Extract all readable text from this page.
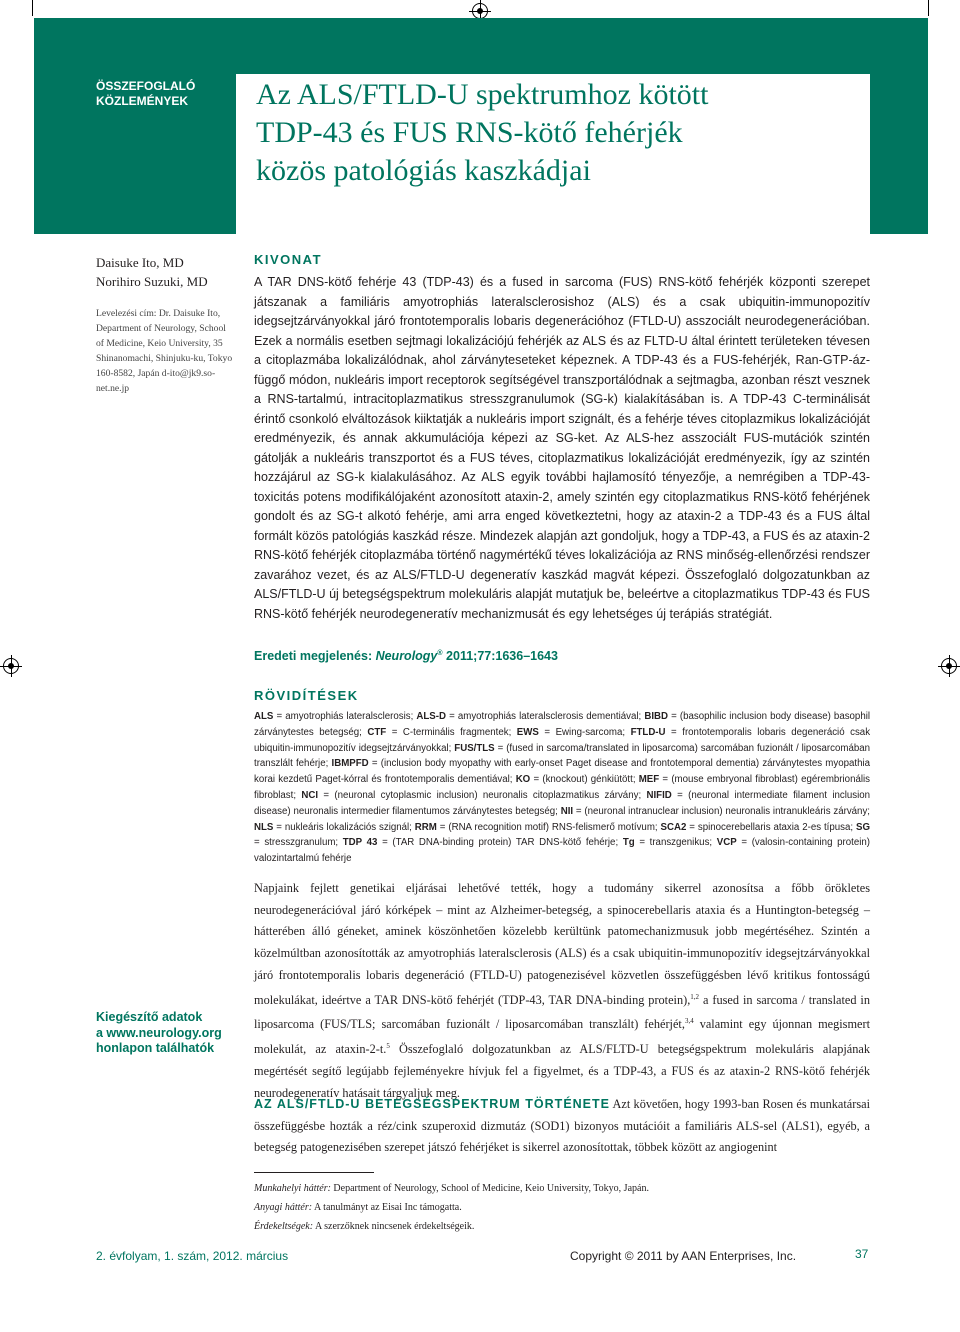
ÖSSZEFOGLALÓ
KÖZLEMÉNYEK	Az ALS/FTLD-U spektrumhoz kötött
TDP-43 és FUS RNS-kötő fehérjék
közös patológiás kaszkádjai
Daisuke Ito, MD
Norihiro Suzuki, MD
Levelezési cím: Dr. Daisuke Ito, Department of Neurology, School of Medicine, Keio University, 35 Shinanomachi, Shinjuku-ku, Tokyo 160-8582, Japán d-ito@jk9.so-net.ne.jp
KIVONAT
A TAR DNS-kötő fehérje 43 (TDP-43) és a fused in sarcoma (FUS) RNS-kötő fehérjék központi szerepet játszanak a familiáris amyotrophiás lateralsclerosishoz (ALS) és a csak ubiquitin-immunopozitív idegsejtzárványokkal járó frontotemporalis lobaris degenerációhoz (FTLD-U) asszociált neurodegenerációban. Ezek a normális esetben sejtmagi lokalizációjú fehérjék az ALS és az FLTD-U által érintett területeken tévesen a citoplazmába lokalizálódnak, ahol zárványteseteket képeznek. A TDP-43 és a FUS-fehérjék, Ran-GTP-áz-függő módon, nukleáris import receptorok segítségével transzportálódnak a sejtmagba, azonban részt vesznek a RNS-tartalmú, intracitoplazmatikus stresszgranulumok (SG-k) kialakításában is. A TDP-43 C-terminálisát érintő csonkoló elváltozások kiiktatják a nukleáris import szignált, és a fehérje téves citoplazmikus lokalizációját eredményezik, és annak akkumulációja képezi az SG-ket. Az ALS-hez asszociált FUS-mutációk szintén gátolják a nukleáris transzportot és a FUS téves, citoplazmatikus lokalizációját eredményezik, így az szintén hozzájárul az SG-k kialakulásához. Az ALS egyik további hajlamosító tényezője, a nemrégiben a TDP-43-toxicitás potens modifikálójaként azonosított ataxin-2, amely szintén egy citoplazmatikus RNS-kötő fehérjének gondolt és az SG-t alkotó fehérje, ami arra enged következtetni, hogy az ataxin-2 a TDP-43 és a FUS által formált közös patológiás kaszkád része. Mindezek alapján azt gondoljuk, hogy a TDP-43, a FUS és az ataxin-2 RNS-kötő fehérjék citoplazmába történő nagymértékű téves lokalizációja az RNS minőség-ellenőrzési rendszer zavarához vezet, és az ALS/FTLD-U degeneratív kaszkád magvát képezi. Összefoglaló dolgozatunkban az ALS/FTLD-U új betegségspektrum molekuláris alapját mutatjuk be, beleértve a citoplazmatikus TDP-43 és FUS RNS-kötő fehérjék neurodegeneratív mechanizmusát és egy lehetséges új terápiás stratégiát.
Eredeti megjelenés: Neurology® 2011;77:1636–1643
RÖVIDÍTÉSEK
ALS = amyotrophiás lateralsclerosis; ALS-D = amyotrophiás lateralsclerosis dementiával; BIBD = (basophilic inclusion body disease) basophil zárványtestes betegség; CTF = C-terminális fragmentek; EWS = Ewing-sarcoma; FTLD-U = frontotemporalis lobaris degeneráció csak ubiquitin-immunopozitív idegsejtzárványokkal; FUS/TLS = (fused in sarcoma/translated in liposarcoma) sarcomában fuzionált / liposarcomában transzlált fehérje; IBMPFD = (inclusion body myopathy with early-onset Paget disease and frontotemporal dementia) zárványtestes myopathia korai kezdetű Paget-kórral és frontotemporalis dementiával; KO = (knockout) génkiütött; MEF = (mouse embryonal fibroblast) egérembrionális fibroblast; NCI = (neuronal cytoplasmic inclusion) neuronalis citoplazmatikus zárvány; NIFID = (neuronal intermediate filament inclusion disease) neuronalis intermedier filamentumos zárványtestes betegség; NII = (neuronal intranuclear inclusion) neuronalis intranukleáris zárvány; NLS = nukleáris lokalizációs szignál; RRM = (RNA recognition motif) RNS-felismerő motívum; SCA2 = spinocerebellaris ataxia 2-es típusa; SG = stresszgranulum; TDP 43 = (TAR DNA-binding protein) TAR DNS-kötő fehérje; Tg = transzgenikus; VCP = (valosin-containing protein) valozintartalmú fehérje
Kiegészítő adatok
a www.neurology.org
honlapon találhatók
Napjaink fejlett genetikai eljárásai lehetővé tették, hogy a tudomány sikerrel azonosítsa a főbb örökletes neurodegenerációval járó kórképek – mint az Alzheimer-betegség, a spinocerebellaris ataxia és a Huntington-betegség – hátterében álló géneket, aminek köszönhetően közelebb kerültünk patomechanizmusuk jobb megértéséhez. Szintén a közelmúltban azonosították az amyotrophiás lateralsclerosis (ALS) és a csak ubiquitin-immunopozitív idegsejtzárványokkal járó frontotemporalis lobaris degeneráció (FTLD-U) patogenezisével közvetlen összefüggésben lévő kritikus fontosságú molekulákat, ideértve a TAR DNS-kötő fehérjét (TDP-43, TAR DNA-binding protein),$^{1,2}$ a fused in sarcoma / translated in liposarcoma (FUS/TLS; sarcomában fuzionált / liposarcomában transzlált) fehérjét,$^{3,4}$ valamint egy újonnan megismert molekulát, az ataxin-2-t.$^5$ Összefoglaló dolgozatunkban az ALS/FLTD-U betegségspektrum molekuláris alapjának megértését segítő legújabb fejleményekre hívjuk fel a figyelmet, és a TDP-43, a FUS és az ataxin-2 RNS-kötő fehérjék neurodegeneratív hatásait tárgyaljuk meg.
AZ ALS/FTLD-U BETEGSÉGSPEKTRUM TÖRTÉNETE Azt követően, hogy 1993-ban Rosen és munkatársai összefüggésbe hozták a réz/cink szuperoxid dizmutáz (SOD1) bizonyos mutációit a familiáris ALS-sel (ALS1), egyéb, a betegség patogenezisében szerepet játszó fehérjéket is sikerrel azonosítottak, többek között az angiogenint
Munkahelyi háttér: Department of Neurology, School of Medicine, Keio University, Tokyo, Japán.
Anyagi háttér: A tanulmányt az Eisai Inc támogatta.
Érdekeltségek: A szerzőknek nincsenek érdekeltségeik.
2. évfolyam, 1. szám, 2012. március	Copyright © 2011 by AAN Enterprises, Inc.	37
